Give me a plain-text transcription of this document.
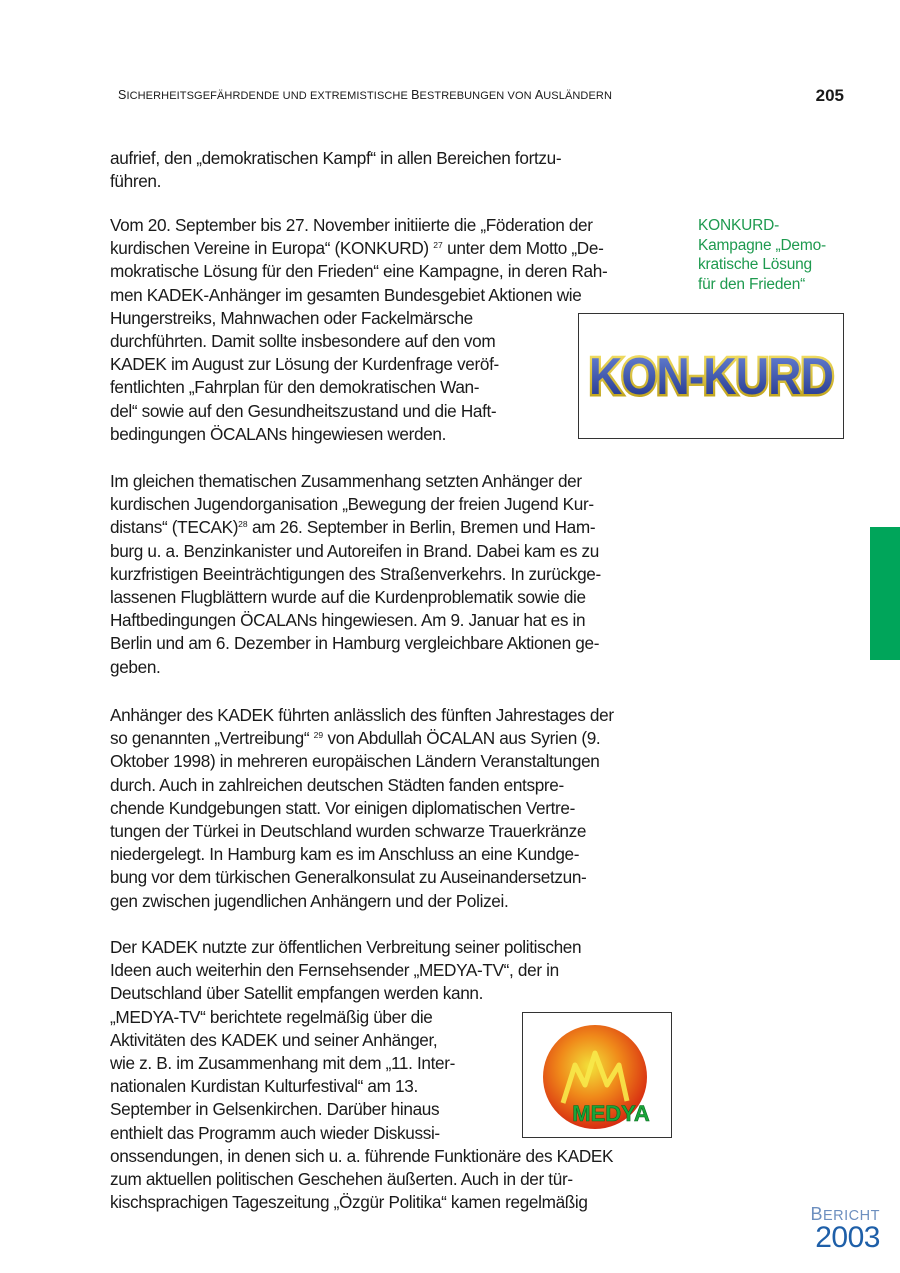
SICHERHEITSGEFÄHRDENDE UND EXTREMISTISCHE BESTREBUNGEN VON AUSLÄNDERN	205
aufrief, den „demokratischen Kampf“ in allen Bereichen fortzu-
führen.
Vom 20. September bis 27. November initiierte die „Föderation der
kurdischen Vereine in Europa“ (KONKURD) $^{27}$ unter dem Motto „De-
mokratische Lösung für den Frieden“ eine Kampagne, in deren Rah-
men KADEK-Anhänger im gesamten Bundesgebiet Aktionen wie
Hungerstreiks, Mahnwachen oder Fackelmärsche
durchführten. Damit sollte insbesondere auf den vom
KADEK im August zur Lösung der Kurdenfrage veröf-
fentlichten „Fahrplan für den demokratischen Wan-
del“ sowie auf den Gesundheitszustand und die Haft-
bedingungen ÖCALANs hingewiesen werden.
Im gleichen thematischen Zusammenhang setzten Anhänger der
kurdischen Jugendorganisation „Bewegung der freien Jugend Kur-
distans“ (TECAK)$^{28}$ am 26. September in Berlin, Bremen und Ham-
burg u. a. Benzinkanister und Autoreifen in Brand. Dabei kam es zu
kurzfristigen Beeinträchtigungen des Straßenverkehrs. In zurückge-
lassenen Flugblättern wurde auf die Kurdenproblematik sowie die
Haftbedingungen ÖCALANs hingewiesen. Am 9. Januar hat es in
Berlin und am 6. Dezember in Hamburg vergleichbare Aktionen ge-
geben.
Anhänger des KADEK führten anlässlich des fünften Jahrestages der
so genannten „Vertreibung“ $^{29}$ von Abdullah ÖCALAN aus Syrien (9.
Oktober 1998) in mehreren europäischen Ländern Veranstaltungen
durch. Auch in zahlreichen deutschen Städten fanden entspre-
chende Kundgebungen statt. Vor einigen diplomatischen Vertre-
tungen der Türkei in Deutschland wurden schwarze Trauerkränze
niedergelegt. In Hamburg kam es im Anschluss an eine Kundge-
bung vor dem türkischen Generalkonsulat zu Auseinandersetzun-
gen zwischen jugendlichen Anhängern und der Polizei.
Der KADEK nutzte zur öffentlichen Verbreitung seiner politischen
Ideen auch weiterhin den Fernsehsender „MEDYA-TV“, der in
Deutschland über Satellit empfangen werden kann.
„MEDYA-TV“ berichtete regelmäßig über die
Aktivitäten des KADEK und seiner Anhänger,
wie z. B. im Zusammenhang mit dem „11. Inter-
nationalen Kurdistan Kulturfestival“ am 13.
September in Gelsenkirchen. Darüber hinaus
enthielt das Programm auch wieder Diskussi-
onssendungen, in denen sich u. a. führende Funktionäre des KADEK
zum aktuellen politischen Geschehen äußerten. Auch in der tür-
kischsprachigen Tageszeitung „Özgür Politika“ kamen regelmäßig
KONKURD-
Kampagne „Demo-
kratische Lösung
für den Frieden“
KON-KURD
MEDYA
BERICHT
2003
